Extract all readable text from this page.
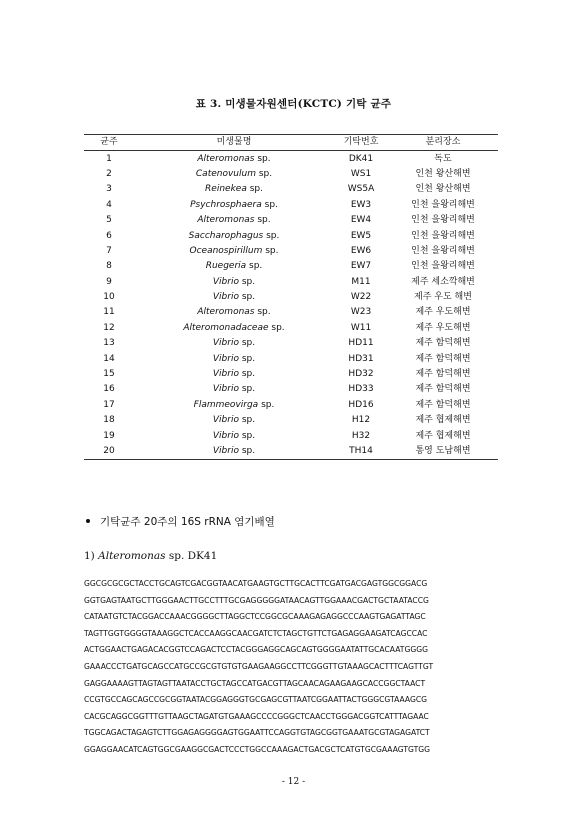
표 3. 미생물자원센터(KCTC) 기탁 균주
균주	미생물명	기탁번호	분리장소
1	Alteromonas sp.	DK41	독도
2	Catenovulum sp.	WS1	인천 왕산해변
3	Reinekea sp.	WS5A	인천 왕산해변
4	Psychrosphaera sp.	EW3	인천 을왕리해변
5	Alteromonas sp.	EW4	인천 을왕리해변
6	Saccharophagus sp.	EW5	인천 을왕리해변
7	Oceanospirillum sp.	EW6	인천 을왕리해변
8	Ruegeria sp.	EW7	인천 을왕리해변
9	Vibrio sp.	M11	제주 세소깍해변
10	Vibrio sp.	W22	제주 우도 해변
11	Alteromonas sp.	W23	제주 우도해변
12	Alteromonadaceae sp.	W11	제주 우도해변
13	Vibrio sp.	HD11	제주 함덕해변
14	Vibrio sp.	HD31	제주 함덕해변
15	Vibrio sp.	HD32	제주 함덕해변
16	Vibrio sp.	HD33	제주 함덕해변
17	Flammeovirga sp.	HD16	제주 함덕해변
18	Vibrio sp.	H12	제주 협제해변
19	Vibrio sp.	H32	제주 협제해변
20	Vibrio sp.	TH14	통영 도남해변
기탁균주 20주의 16S rRNA 염기배열
1) Alteromonas sp. DK41
GGCGCGCGCTACCTGCAGTCGACGGTAACATGAAGTGCTTGCACTTCGATGACGAGTGGCGGACG
GGTGAGTAATGCTTGGGAACTTGCCTTTGCGAGGGGGATAACAGTTGGAAACGACTGCTAATACCG
CATAATGTCTACGGACCAAACGGGGCTTAGGCTCCGGCGCAAAGAGAGGCCCAAGTGAGATTAGC
TAGTTGGTGGGGTAAAGGCTCACCAAGGCAACGATCTCTAGCTGTTCTGAGAGGAAGATCAGCCAC
ACTGGAACTGAGACACGGTCCAGACTCCTACGGGAGGCAGCAGTGGGGAATATTGCACAATGGGG
GAAACCCTGATGCAGCCATGCCGCGTGTGTGAAGAAGGCCTTCGGGTTGTAAAGCACTTTCAGTTGT
GAGGAAAAGTTAGTAGTTAATACCTGCTAGCCATGACGTTAGCAACAGAAGAAGCACCGGCTAACT
CCGTGCCAGCAGCCGCGGTAATACGGAGGGTGCGAGCGTTAATCGGAATTACTGGGCGTAAAGCG
CACGCAGGCGGTTTGTTAAGCTAGATGTGAAAGCCCCGGGCTCAACCTGGGACGGTCATTTAGAAC
TGGCAGACTAGAGTCTTGGAGAGGGGAGTGGAATTCCAGGTGTAGCGGTGAAATGCGTAGAGATCT
GGAGGAACATCAGTGGCGAAGGCGACTCCCTGGCCAAAGACTGACGCTCATGTGCGAAAGTGTGG
- 12 -
